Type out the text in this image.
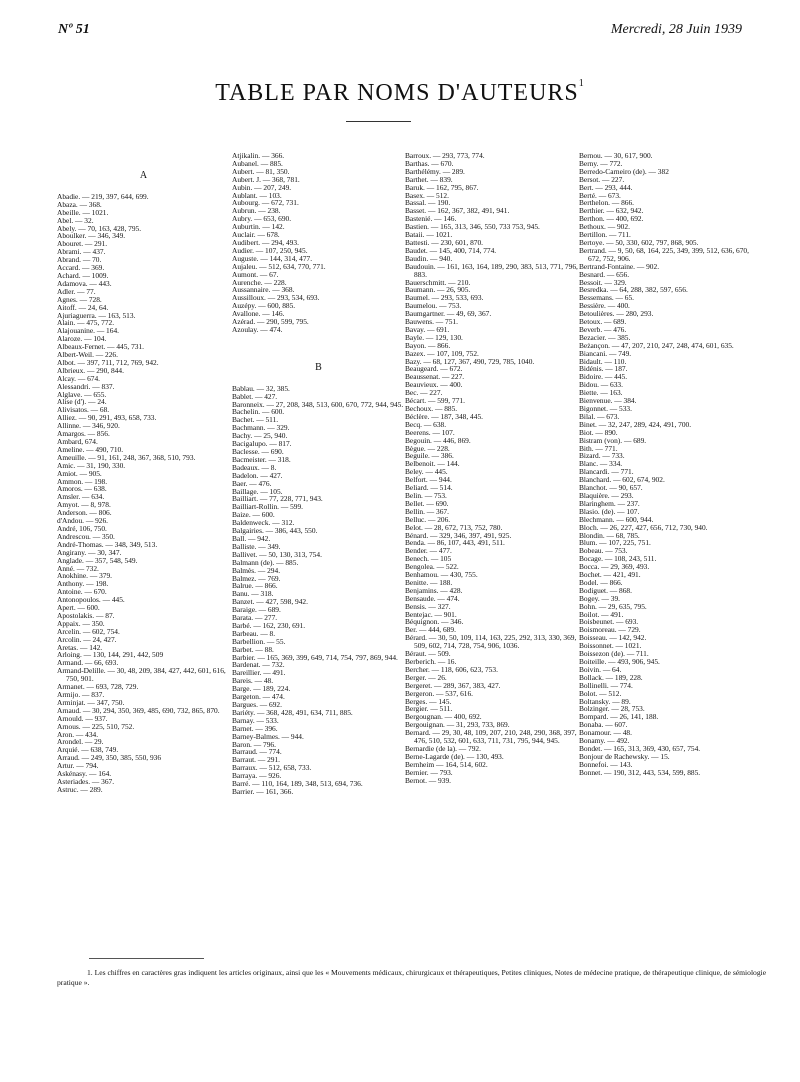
Nº 51	Mercredi, 28 Juin 1939
TABLE PAR NOMS D'AUTEURS$^1$
A

Abadie. — 219, 397, 644, 699.

Abaza. — 368.

Abeille. — 1021.

Abel. — 32.

Abely. — 70, 163, 428, 795.

Aboulker. — 346, 349.

Abouret. — 291.

Abrami. — 437.

Abrand. — 70.

Accard. — 369.

Achard. — 1009.

Adamova. — 443.

Adler. — 77.

Agnes. — 728.

Aitoff. — 24, 64.

Ajuriaguerra. — 163, 513.

Alain. — 475, 772.

Alajouanine. — 164.

Alaroze. — 104.

Albeaux-Fernet. — 445, 731.

Albert-Weil. — 226.

Albot. — 397, 711, 712, 769, 942.

Albrieux. — 290, 844.

Alcay. — 674.

Alessandri. — 837.

Alglave. — 655.

Alise (d'). — 24.

Alivisatos. — 68.

Alliez. — 90, 291, 493, 658, 733.

Allinne. — 346, 920.

Amargos. — 856.

Ambard, 674.

Ameline. — 490, 710.

Ameuille. — 91, 161, 248, 367, 368, 510, 793.

Amic. — 31, 190, 330.

Amiot. — 905.

Ammon. — 198.

Amoros. — 638.

Amsler. — 634.

Amyot. — 8, 978.

Anderson. — 806.

d'Andou. — 926.

André, 106, 750.

Andrescou. — 350.

André-Thomas. — 348, 349, 513.

Angirany. — 30, 347.

Anglade. — 357, 548, 549.

Anné. — 732.

Anokhine. — 379.

Anthony. — 198.

Antoine. — 670.

Antonopoulos. — 445.

Apert. — 600.

Apostolakis. — 87.

Appaix. — 350.

Arcelin. — 602, 754.

Arcolin. — 24, 427.

Aretas. — 142.

Arloing. — 130, 144, 291, 442, 509

Armand. — 66, 693.

Armand-Delille. — 30, 48, 209, 384, 427, 442, 601, 616, 750, 901.

Armanet. — 693, 728, 729.

Armijo. — 837.

Arminjat. — 347, 750.

Arnaud. — 30, 294, 350, 369, 485, 690, 732, 865, 870.

Arnould. — 937.

Arnous. — 225, 510, 752.

Aron. — 434.

Arondel. — 29.

Arquié. — 638, 749.

Arraud. — 249, 350, 385, 550, 936

Artur. — 794.

Askénasy. — 164.

Asteriades. — 367.

Astruc. — 289.

Atjikalin. — 366.

Aubanel. — 885.

Aubert. — 81, 350.

Aubert. J. — 368, 781.

Aubin. — 207, 249.

Aublant. — 103.

Aubourg. — 672, 731.

Aubrun. — 238.

Aubry. — 653, 690.

Auburtin. — 142.

Auclair. — 678.

Audibert. — 294, 493.

Audier. — 107, 250, 945.

Auguste. — 144, 314, 477.

Aujaleu. — 512, 634, 770, 771.

Aumont. — 67.

Aurenche. — 228.

Aussannaire. — 368.

Aussilloux. — 293, 534, 693.

Auzépy. — 600, 885.

Avallone. — 146.

Azérad. — 290, 599, 795.

Azoulay. — 474.

B

Bablau. — 32, 385.

Bablet. — 427.

Baronneix. — 27, 208, 348, 513, 600, 670, 772, 944, 945.

Bachelin. — 600.

Bachet. — 511.

Bachmann. — 329.

Bachy. — 25, 940.

Bacigalupo. — 817.

Baclesse. — 690.

Bacmeister. — 318.

Badeaux. — 8.

Badelon. — 427.

Baer. — 476.

Baillage. — 105.

Bailliart. — 77, 228, 771, 943.

Bailliart-Rollin. — 599.

Baize. — 600.

Baldenweck. — 312.

Balgairies. — 386, 443, 550.

Ball. — 942.

Balliste. — 349.

Ballivet. — 50, 130, 313, 754.

Balmann (de). — 885.

Balmès. — 294.

Balmez. — 769.

Balrue. — 866.

Banu. — 318.

Banzet. — 427, 598, 942.

Baraige. — 689.

Barata. — 277.

Barbé. — 162, 230, 691.

Barbeau. — 8.

Barbellion. — 55.

Barbet. — 88.

Barbier. — 165, 369, 399, 649, 714, 754, 797, 869, 944.

Bardenat. — 732.

Bareillier. — 491.

Bareis. — 48.

Barge. — 189, 224.

Bargeton. — 474.

Bargues. — 692.

Bariéty. — 368, 428, 491, 634, 711, 885.

Barnay. — 533.

Barnet. — 396.

Barney-Balmes. — 944.

Baron. — 796.

Barraud. — 774.

Barraut. — 291.

Barraux. — 512, 658, 733.

Barraya. — 926.

Barré. — 110, 164, 189, 348, 513, 694, 736.

Barrier. — 161, 366.

Barroux. — 293, 773, 774.

Barthas. — 670.

Barthélémy. — 289.

Barthet. — 839.

Baruk. — 162, 795, 867.

Basex. — 512.

Bassal. — 190.

Basset. — 162, 367, 382, 491, 941.

Bastenié. — 146.

Bastien. — 165, 313, 346, 550, 733 753, 945.

Bataii. — 1021.

Battesti. — 230, 601, 870.

Baudet. — 145, 400, 714, 774.

Baudin. — 940.

Baudouin. — 161, 163, 164, 189, 290, 383, 513, 771, 796, 883.

Bauerschmitt. — 210.

Baumann. — 26, 905.

Baumel. — 293, 533, 693.

Baumelou. — 753.

Baumgartner. — 49, 69, 367.

Bauwens. — 751.

Bavay. — 691.

Bayle. — 129, 130.

Bayon. — 866.

Bazex. — 107, 109, 752.

Bazy. — 68, 127, 367, 490, 729, 785, 1040.

Beaugeard. — 672.

Beaussenat. — 227.

Beauvieux. — 400.

Bec. — 227.

Bécart. — 599, 771.

Bechoux. — 885.

Béclère. — 187, 348, 445.

Becq. — 638.

Beerens. — 107.

Begouin. — 446, 869.

Bègue. — 228.

Beguile. — 386.

Belbenoit. — 144.

Beley. — 445.

Belfort. — 944.

Beliard. — 514.

Belin. — 753.

Bellet. — 690.

Bellin. — 367.

Belluc. — 206.

Belot. — 28, 672, 713, 752, 780.

Bénard. — 329, 346, 397, 491, 925.

Benda. — 86, 107, 443, 491, 511.

Bender. — 477.

Benech. — 105

Bengolea. — 522.

Benhamou. — 430, 755.

Benitte. — 188.

Benjamins. — 428.

Bensaude. — 474.

Bensis. — 327.

Bentejac. — 901.

Béquignon. — 346.

Ber. — 444, 689.

Bérard. — 30, 50, 109, 114, 163, 225, 292, 313, 330, 369, 509, 602, 714, 728, 754, 906, 1036.

Béraut. — 509.

Berberich. — 16.

Bercher. — 118, 606, 623, 753.

Berger. — 26.

Bergeret. — 289, 367, 383, 427.

Bergeron. — 537, 616.

Berges. — 145.

Bergier. — 511.

Bergougnan. — 400, 692.

Bergouignan. — 31, 293, 733, 869.

Bernard. — 29, 30, 48, 109, 207, 210, 248, 290, 368, 397, 476, 510, 532, 601, 633, 711, 731, 795, 944, 945.

Bernardie (de la). — 792.

Berne-Lagarde (de). — 130, 493.

Bernheim — 164, 514, 602.

Bernier. — 793.

Bernot. — 939.

Bernou. — 30, 617, 900.

Berny. — 772.

Berredo-Carneiro (de). — 382

Bersot. — 227.

Bert. — 293, 444.

Berté. — 673.

Berthelon. — 866.

Berthier. — 632, 942.

Berthon. — 400, 692.

Bethoux. — 902.

Bertillon. — 711.

Bertoye. — 50, 330, 602, 797, 868, 905.

Bertrand. — 9, 50, 68, 164, 225, 349, 399, 512, 636, 670, 672, 752, 906.

Bertrand-Fontaine. — 902.

Besnard. — 656.

Bessoit. — 329.

Besredka. — 64, 288, 382, 597, 656.

Bessemans. — 65.

Bessière. — 400.

Betoulières. — 280, 293.

Betoux. — 689.

Beverb. — 476.

Bezacier. — 385.

Beżançon. — 47, 207, 210, 247, 248, 474, 601, 635.

Biancani. — 749.

Bidault. — 110.

Bidénis. — 187.

Bidoire. — 445.

Bidou. — 633.

Biette. — 163.

Bienvenue. — 384.

Bigonnet. — 533.

Bilal. — 673.

Binet. — 32, 247, 289, 424, 491, 700.

Biot. — 890.

Bistram (von). — 689.

Bith. — 771.

Bizard. — 733.

Blanc. — 334.

Blancardi. — 771.

Blanchard. — 602, 674, 902.

Blanchot. — 90, 657.

Blaquière. — 293.

Blaringhem. — 237.

Blasio. (de). — 107.

Blechmann. — 600, 944.

Bloch. — 26, 227, 427, 656, 712, 730, 940.

Blondin. — 68, 785.

Blum. — 107, 225, 751.

Bobeau. — 753.

Bocage. — 108, 243, 511.

Bocca. — 29, 369, 493.

Bochet. — 421, 491.

Bodel. — 866.

Bodiguet. — 868.

Bogey. — 39.

Bohn. — 29, 635, 795.

Boilot. — 491.

Boisbeunet. — 693.

Boismoreau. — 729.

Boisseau. — 142, 942.

Boissonnet. — 1021.

Boissezon (de). — 711.

Boiteille. — 493, 906, 945.

Boivin. — 64.

Bollack. — 189, 228.

Bollinelli. — 774.

Bolot. — 512.

Boltansky. — 89.

Bolzinger. — 28, 753.

Bompard. — 26, 141, 188.

Bonaba. — 607.

Bonamour. — 48.

Bonamy. — 492.

Bondet. — 165, 313, 369, 430, 657, 754.

Bonjour de Rachewsky. — 15.

Bonnefoi. — 143.

Bonnet. — 190, 312, 443, 534, 599, 885.

1. Les chiffres en caractères gras indiquent les articles originaux, ainsi que les « Mouvements médicaux, chirurgicaux et thérapeutiques, Petites cliniques, Notes de médecine pratique, de thérapeutique clinique, de sémiologie pratique ».
